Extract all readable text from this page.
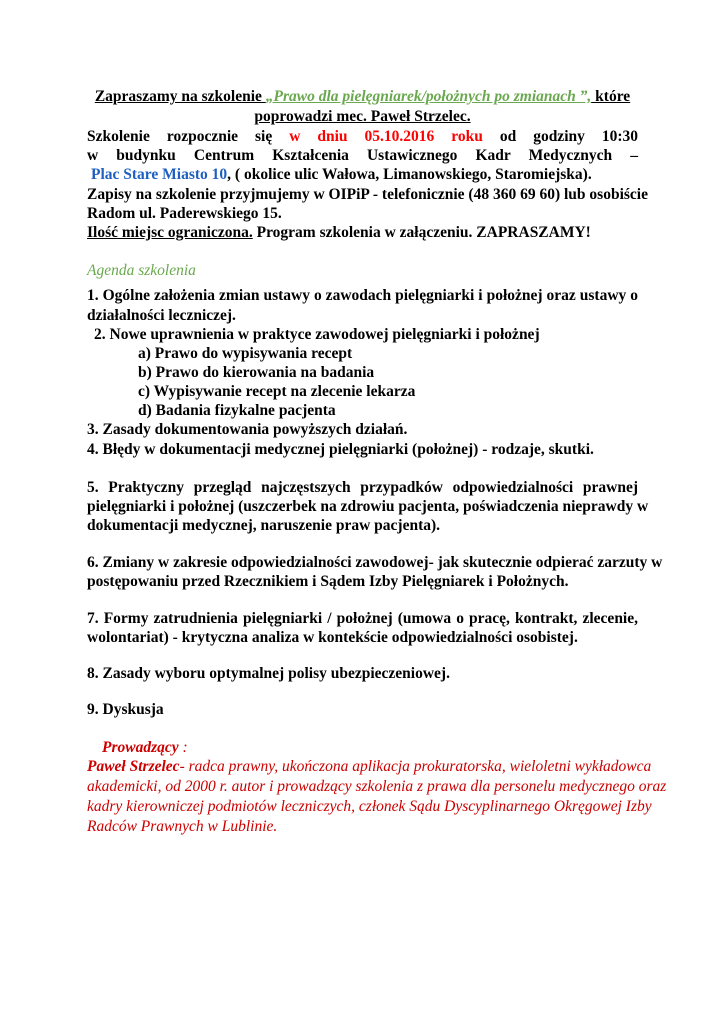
Zapraszamy na szkolenie „Prawo dla pielęgniarek/położnych po zmianach ”, które
poprowadzi mec. Paweł Strzelec.
Szkolenie rozpocznie się w dniu 05.10.2016 roku od godziny 10:30
w budynku Centrum Kształcenia Ustawicznego Kadr Medycznych –
Plac Stare Miasto 10, ( okolice ulic Wałowa, Limanowskiego, Staromiejska).
Zapisy na szkolenie przyjmujemy w OIPiP - telefonicznie (48 360 69 60) lub osobiście
Radom ul. Paderewskiego 15.
Ilość miejsc ograniczona. Program szkolenia w załączeniu. ZAPRASZAMY!
Agenda szkolenia
1. Ogólne założenia zmian ustawy o zawodach pielęgniarki i położnej oraz ustawy o
działalności leczniczej.
2. Nowe uprawnienia w praktyce zawodowej pielęgniarki i położnej
a) Prawo do wypisywania recept
b) Prawo do kierowania na badania
c) Wypisywanie recept na zlecenie lekarza
d) Badania fizykalne pacjenta
3. Zasady dokumentowania powyższych działań.
4. Błędy w dokumentacji medycznej pielęgniarki (położnej) - rodzaje, skutki.
5. Praktyczny przegląd najczęstszych przypadków odpowiedzialności prawnej
pielęgniarki i położnej (uszczerbek na zdrowiu pacjenta, poświadczenia nieprawdy w
dokumentacji medycznej, naruszenie praw pacjenta).
6. Zmiany w zakresie odpowiedzialności zawodowej- jak skutecznie odpierać zarzuty w
postępowaniu przed Rzecznikiem i Sądem Izby Pielęgniarek i Położnych.
7. Formy zatrudnienia pielęgniarki / położnej (umowa o pracę, kontrakt, zlecenie,
wolontariat) - krytyczna analiza w kontekście odpowiedzialności osobistej.
8. Zasady wyboru optymalnej polisy ubezpieczeniowej.
9. Dyskusja
Prowadzący :
Paweł Strzelec- radca prawny, ukończona aplikacja prokuratorska, wieloletni wykładowca
akademicki, od 2000 r. autor i prowadzący szkolenia z prawa dla personelu medycznego oraz
kadry kierowniczej podmiotów leczniczych, członek Sądu Dyscyplinarnego Okręgowej Izby
Radców Prawnych w Lublinie.
